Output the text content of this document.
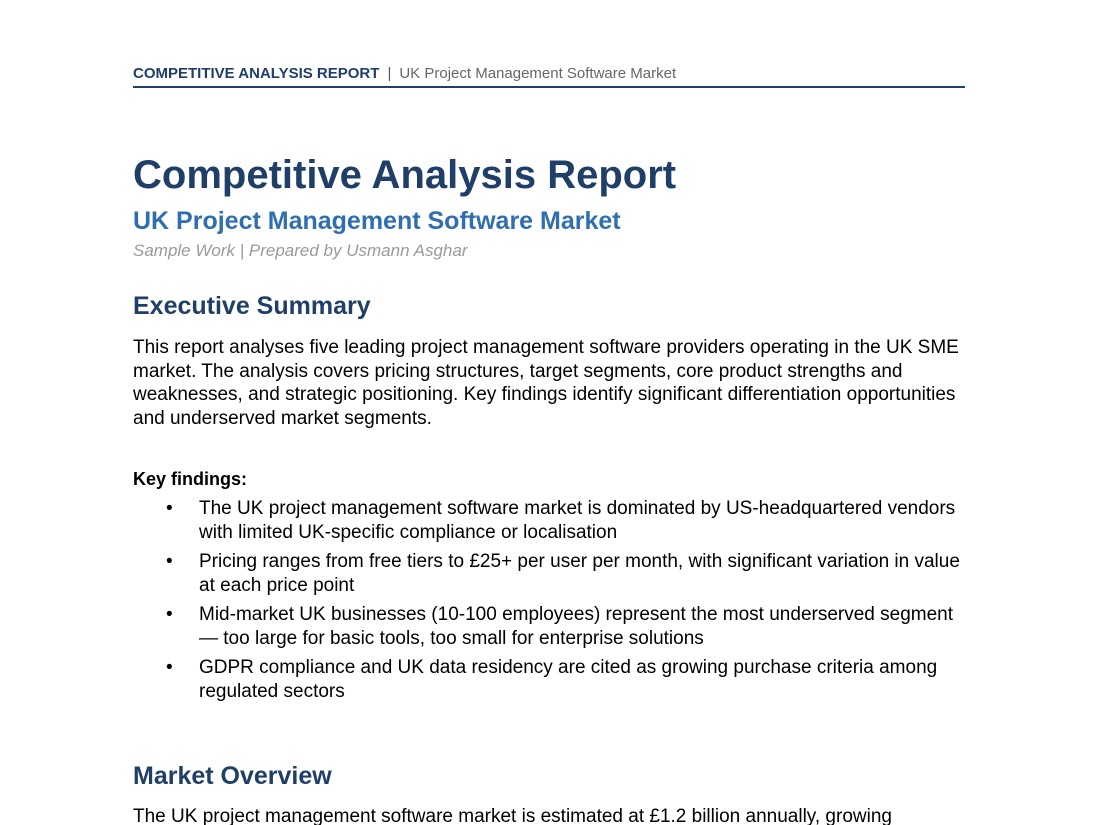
COMPETITIVE ANALYSIS REPORT | UK Project Management Software Market
Competitive Analysis Report
UK Project Management Software Market

Sample Work | Prepared by Usmann Asghar

Executive Summary

This report analyses five leading project management software providers operating in the UK SME market. The analysis covers pricing structures, target segments, core product strengths and weaknesses, and strategic positioning. Key findings identify significant differentiation opportunities and underserved market segments.

Key findings:

• The UK project management software market is dominated by US-headquartered vendors with limited UK-specific compliance or localisation
• Pricing ranges from free tiers to £25+ per user per month, with significant variation in value at each price point
• Mid-market UK businesses (10-100 employees) represent the most underserved segment — too large for basic tools, too small for enterprise solutions
• GDPR compliance and UK data residency are cited as growing purchase criteria among regulated sectors
Market Overview

The UK project management software market is estimated at £1.2 billion annually, growing
